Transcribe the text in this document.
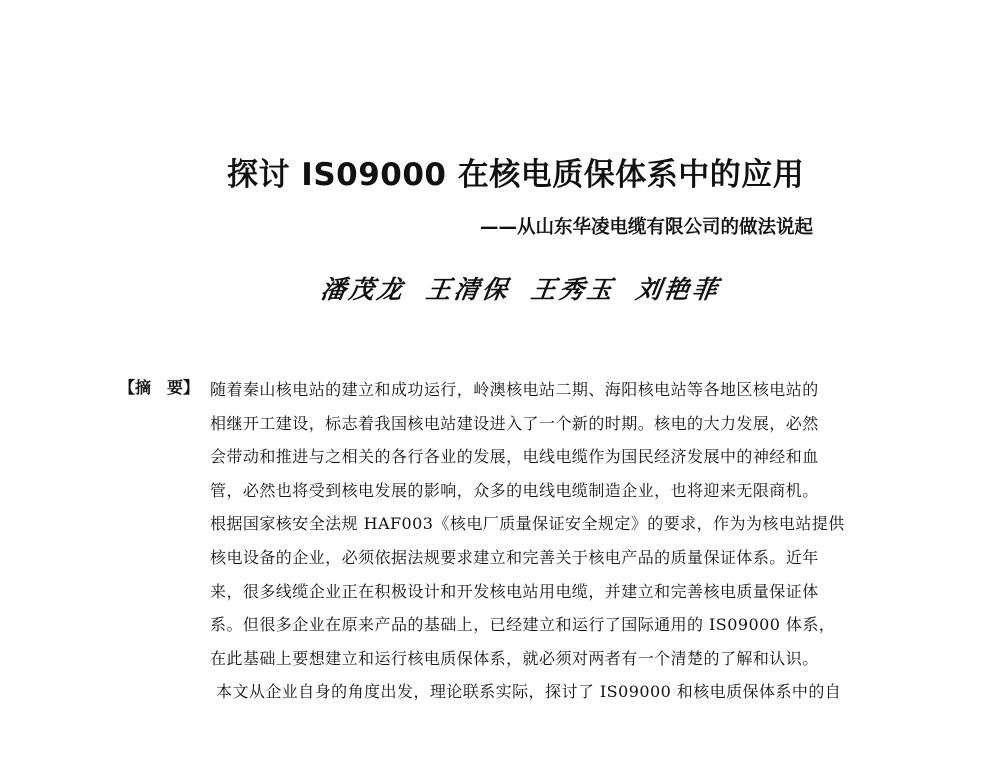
探讨 IS09000 在核电质保体系中的应用
——从山东华凌电缆有限公司的做法说起
潘茂龙 王清保 王秀玉 刘艳菲
【摘　要】 随着秦山核电站的建立和成功运行，岭澳核电站二期、海阳核电站等各地区核电站的
相继开工建设，标志着我国核电站建设进入了一个新的时期。核电的大力发展，必然
会带动和推进与之相关的各行各业的发展，电线电缆作为国民经济发展中的神经和血
管，必然也将受到核电发展的影响，众多的电线电缆制造企业，也将迎来无限商机。
根据国家核安全法规 HAF003《核电厂质量保证安全规定》的要求，作为为核电站提供
核电设备的企业，必须依据法规要求建立和完善关于核电产品的质量保证体系。近年
来，很多线缆企业正在积极设计和开发核电站用电缆，并建立和完善核电质量保证体
系。但很多企业在原来产品的基础上，已经建立和运行了国际通用的 IS09000 体系，
在此基础上要想建立和运行核电质保体系，就必须对两者有一个清楚的了解和认识。
本文从企业自身的角度出发，理论联系实际，探讨了 IS09000 和核电质保体系中的自
